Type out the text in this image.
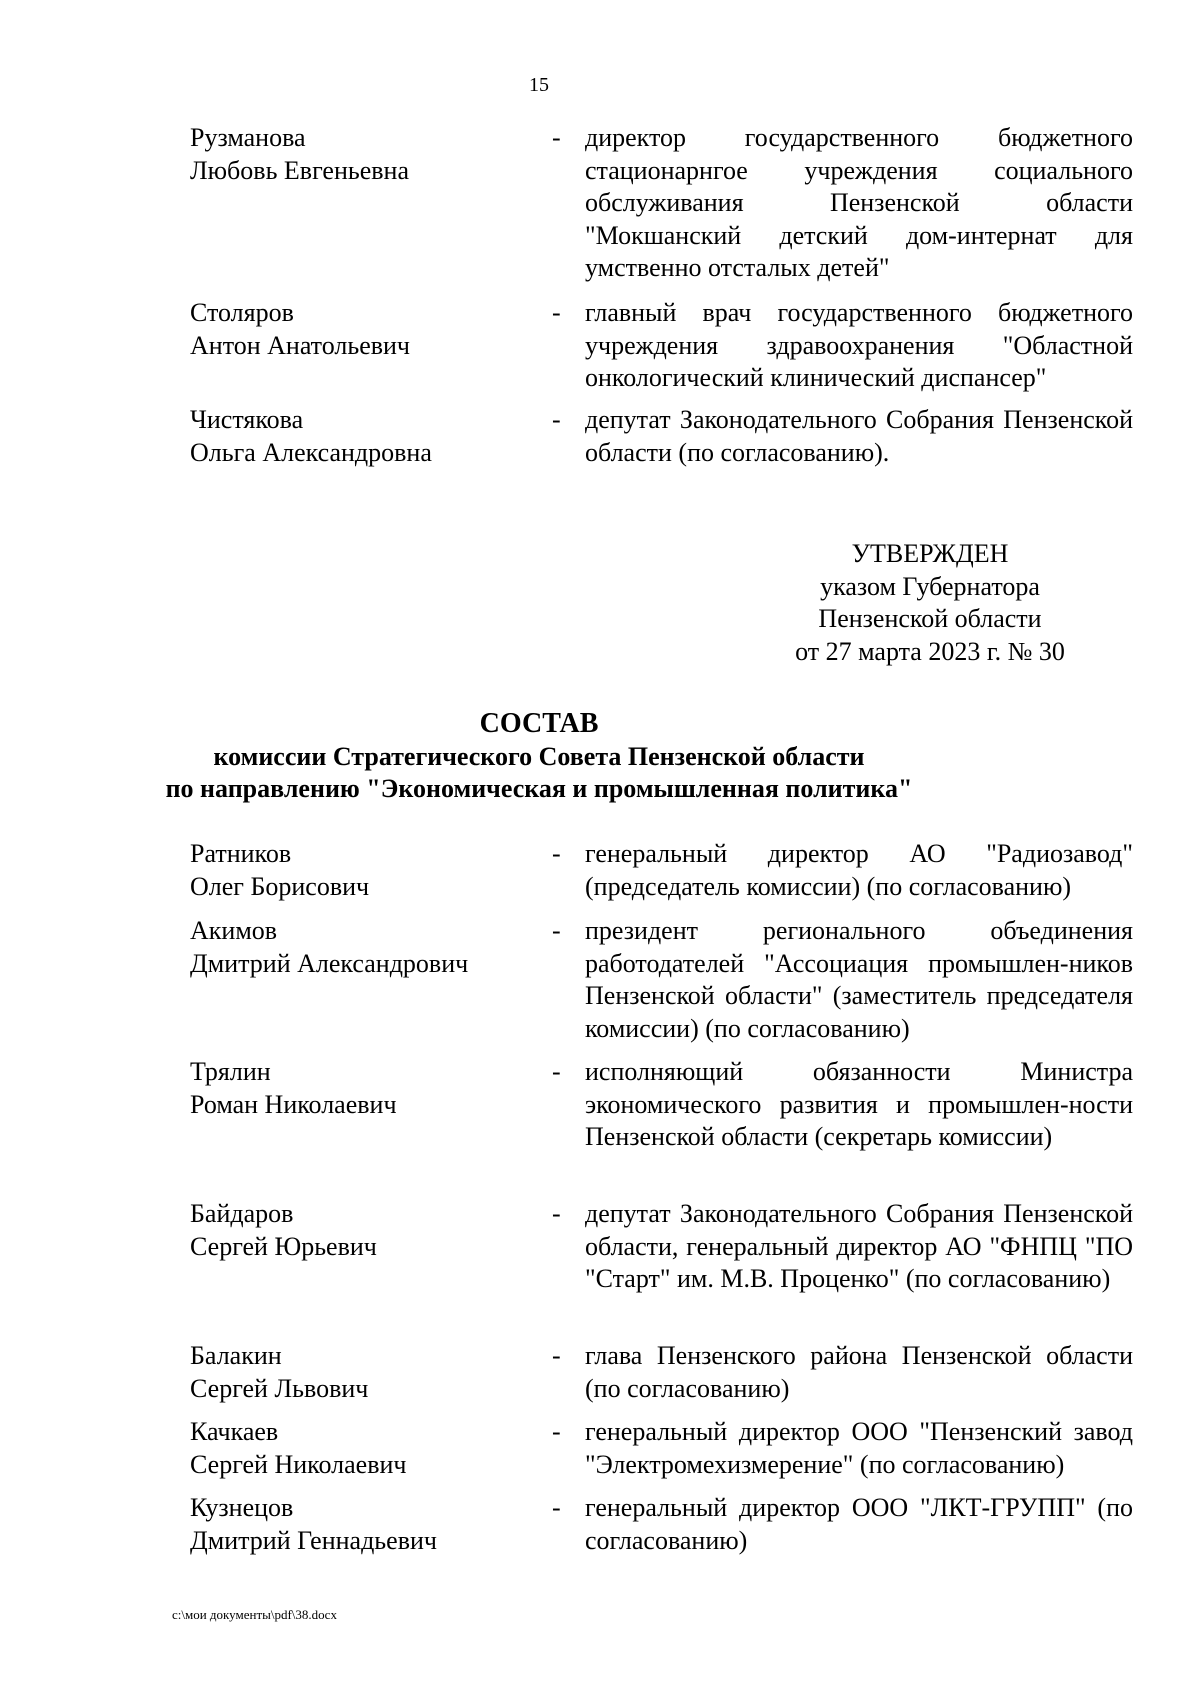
15
Рузманова
Любовь Евгеньевна
- директор государственного бюджетного стационарнгое учреждения социального обслуживания Пензенской области "Мокшанский детский дом-интернат для умственно отсталых детей"
Столяров
Антон Анатольевич
- главный врач государственного бюджетного учреждения здравоохранения "Областной онкологический клинический диспансер"
Чистякова
Ольга Александровна
- депутат Законодательного Собрания Пензенской области (по согласованию).
УТВЕРЖДЕН
указом Губернатора
Пензенской области
от 27 марта 2023 г. № 30
СОСТАВ
комиссии Стратегического Совета Пензенской области
по направлению "Экономическая и промышленная политика"
Ратников
Олег Борисович
- генеральный директор АО "Радиозавод" (председатель комиссии) (по согласованию)
Акимов
Дмитрий Александрович
- президент регионального объединения работодателей "Ассоциация промышлен-ников Пензенской области" (заместитель председателя комиссии) (по согласованию)
Трялин
Роман Николаевич
- исполняющий обязанности Министра экономического развития и промышлен-ности Пензенской области (секретарь комиссии)
Байдаров
Сергей Юрьевич
- депутат Законодательного Собрания Пензенской области, генеральный директор АО "ФНПЦ "ПО "Старт" им. М.В. Проценко" (по согласованию)
Балакин
Сергей Львович
- глава Пензенского района Пензенской области (по согласованию)
Качкаев
Сергей Николаевич
- генеральный директор ООО "Пензенский завод "Электромехизмерение" (по согласованию)
Кузнецов
Дмитрий Геннадьевич
- генеральный директор ООО "ЛКТ-ГРУПП" (по согласованию)
c:\мои документы\pdf\38.docx
